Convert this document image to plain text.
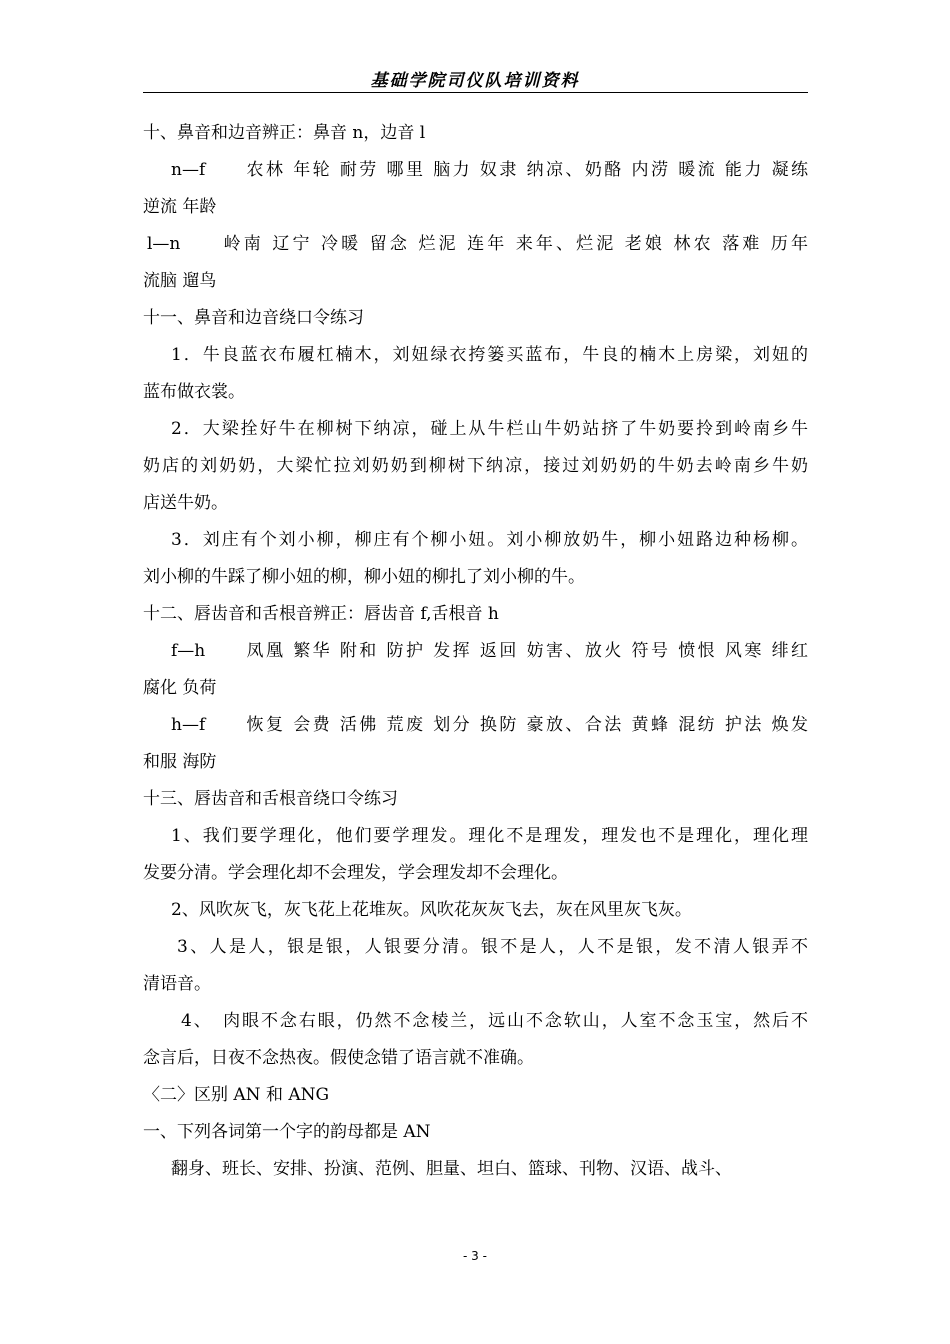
基础学院司仪队培训资料
十、鼻音和边音辨正：鼻音 n，边音 l
n—f　　农林 年轮 耐劳 哪里 脑力 奴隶 纳凉、奶酪 内涝 暖流 能力 凝练
逆流 年龄
l—n　　岭南 辽宁 冷暖 留念 烂泥 连年 来年、烂泥 老娘 林农 落难 历年
流脑 遛鸟
十一、鼻音和边音绕口令练习
1．牛良蓝衣布履杠楠木，刘妞绿衣挎篓买蓝布，牛良的楠木上房梁，刘妞的
蓝布做衣裳。
2．大梁拴好牛在柳树下纳凉，碰上从牛栏山牛奶站挤了牛奶要拎到岭南乡牛
奶店的刘奶奶，大梁忙拉刘奶奶到柳树下纳凉，接过刘奶奶的牛奶去岭南乡牛奶
店送牛奶。
3．刘庄有个刘小柳，柳庄有个柳小妞。刘小柳放奶牛，柳小妞路边种杨柳。
刘小柳的牛踩了柳小妞的柳，柳小妞的柳扎了刘小柳的牛。
十二、唇齿音和舌根音辨正：唇齿音 f,舌根音 h
f—h　　凤凰 繁华 附和 防护 发挥 返回 妨害、放火 符号 愤恨 风寒 绯红
腐化 负荷
h—f　　恢复 会费 活佛 荒废 划分 换防 豪放、合法 黄蜂 混纺 护法 焕发
和服 海防
十三、唇齿音和舌根音绕口令练习
1、我们要学理化，他们要学理发。理化不是理发，理发也不是理化，理化理
发要分清。学会理化却不会理发，学会理发却不会理化。
2、风吹灰飞，灰飞花上花堆灰。风吹花灰灰飞去，灰在风里灰飞灰。
3、人是人，银是银，人银要分清。银不是人，人不是银，发不清人银弄不
清语音。
4、　肉眼不念右眼，仍然不念棱兰，远山不念软山，人室不念玉宝，然后不
念言后，日夜不念热夜。假使念错了语言就不准确。
〈二〉区别 AN 和 ANG
一、下列各词第一个字的韵母都是 AN
翻身、班长、安排、扮演、范例、胆量、坦白、篮球、刊物、汉语、战斗、
- 3 -
